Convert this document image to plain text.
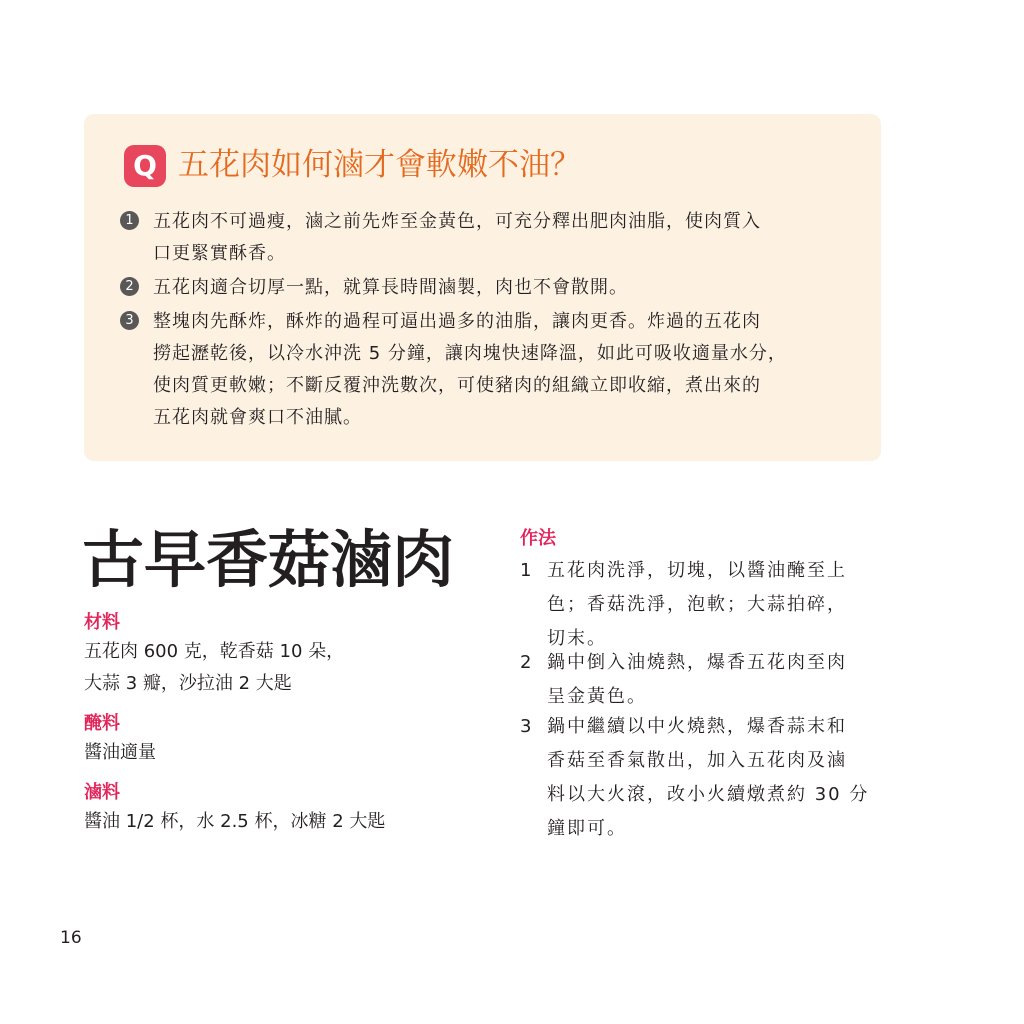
Q 五花肉如何滷才會軟嫩不油？
1 五花肉不可過瘦，滷之前先炸至金黃色，可充分釋出肥肉油脂，使肉質入
口更緊實酥香。
2 五花肉適合切厚一點，就算長時間滷製，肉也不會散開。
3 整塊肉先酥炸，酥炸的過程可逼出過多的油脂，讓肉更香。炸過的五花肉
撈起瀝乾後，以冷水沖洗 5 分鐘，讓肉塊快速降溫，如此可吸收適量水分，
使肉質更軟嫩；不斷反覆沖洗數次，可使豬肉的組織立即收縮，煮出來的
五花肉就會爽口不油膩。
古早香菇滷肉
材料
五花肉 600 克，乾香菇 10 朵，
大蒜 3 瓣，沙拉油 2 大匙
醃料
醬油適量
滷料
醬油 1/2 杯，水 2.5 杯，冰糖 2 大匙
作法
1 五花肉洗淨，切塊，以醬油醃至上
色；香菇洗淨，泡軟；大蒜拍碎，
切末。
2 鍋中倒入油燒熱，爆香五花肉至肉
呈金黃色。
3 鍋中繼續以中火燒熱，爆香蒜末和
香菇至香氣散出，加入五花肉及滷
料以大火滾，改小火續燉煮約 30 分
鐘即可。
16
